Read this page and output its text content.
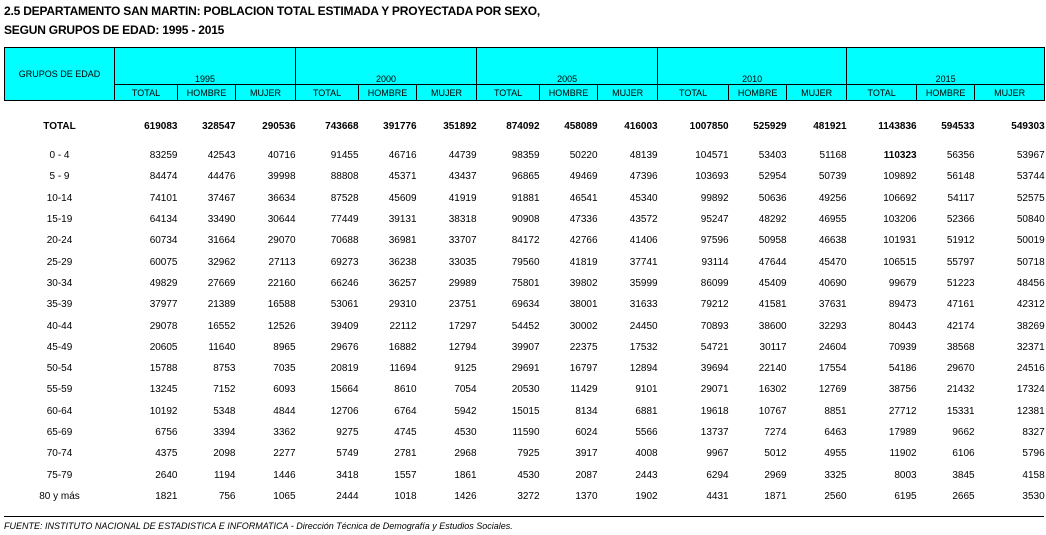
2.5 DEPARTAMENTO SAN MARTIN: POBLACION TOTAL ESTIMADA Y PROYECTADA POR SEXO,
SEGUN GRUPOS DE EDAD: 1995 - 2015
GRUPOS DE EDAD	1995			2000			2005			2010			2015		
	TOTAL	HOMBRE	MUJER	TOTAL	HOMBRE	MUJER	TOTAL	HOMBRE	MUJER	TOTAL	HOMBRE	MUJER	TOTAL	HOMBRE	MUJER

TOTAL	619083	328547	290536	743668	391776	351892	874092	458089	416003	1007850	525929	481921	1143836	594533	549303

0 - 4	83259	42543	40716	91455	46716	44739	98359	50220	48139	104571	53403	51168	110323	56356	53967
5 - 9	84474	44476	39998	88808	45371	43437	96865	49469	47396	103693	52954	50739	109892	56148	53744
10-14	74101	37467	36634	87528	45609	41919	91881	46541	45340	99892	50636	49256	106692	54117	52575
15-19	64134	33490	30644	77449	39131	38318	90908	47336	43572	95247	48292	46955	103206	52366	50840
20-24	60734	31664	29070	70688	36981	33707	84172	42766	41406	97596	50958	46638	101931	51912	50019
25-29	60075	32962	27113	69273	36238	33035	79560	41819	37741	93114	47644	45470	106515	55797	50718
30-34	49829	27669	22160	66246	36257	29989	75801	39802	35999	86099	45409	40690	99679	51223	48456
35-39	37977	21389	16588	53061	29310	23751	69634	38001	31633	79212	41581	37631	89473	47161	42312
40-44	29078	16552	12526	39409	22112	17297	54452	30002	24450	70893	38600	32293	80443	42174	38269
45-49	20605	11640	8965	29676	16882	12794	39907	22375	17532	54721	30117	24604	70939	38568	32371
50-54	15788	8753	7035	20819	11694	9125	29691	16797	12894	39694	22140	17554	54186	29670	24516
55-59	13245	7152	6093	15664	8610	7054	20530	11429	9101	29071	16302	12769	38756	21432	17324
60-64	10192	5348	4844	12706	6764	5942	15015	8134	6881	19618	10767	8851	27712	15331	12381
65-69	6756	3394	3362	9275	4745	4530	11590	6024	5566	13737	7274	6463	17989	9662	8327
70-74	4375	2098	2277	5749	2781	2968	7925	3917	4008	9967	5012	4955	11902	6106	5796
75-79	2640	1194	1446	3418	1557	1861	4530	2087	2443	6294	2969	3325	8003	3845	4158
80 y más	1821	756	1065	2444	1018	1426	3272	1370	1902	4431	1871	2560	6195	2665	3530
FUENTE: INSTITUTO NACIONAL DE ESTADISTICA E INFORMATICA - Dirección Técnica de Demografía y Estudios Sociales.
